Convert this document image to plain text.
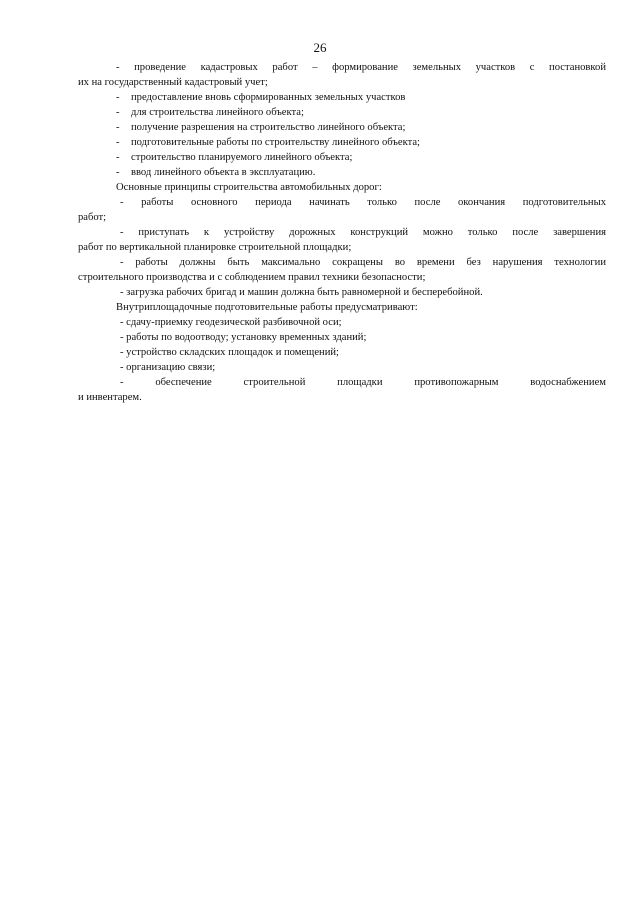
26

- проведение кадастровых работ – формирование земельных участков с постановкой

их на государственный кадастровый учет;

-	предоставление вновь сформированных земельных участков
-	для строительства линейного объекта;
-	получение разрешения на строительство линейного объекта;
-	подготовительные работы по строительству линейного объекта;
-	строительство планируемого линейного объекта;
-	ввод линейного объекта в эксплуатацию.

Основные принципы строительства автомобильных дорог:

- работы основного периода начинать только после окончания подготовительных

работ;

- приступать к устройству дорожных конструкций можно только после завершения

работ по вертикальной планировке строительной площадки;

- работы должны быть максимально сокращены во времени без нарушения технологии

строительного производства и с соблюдением правил техники безопасности;

- загрузка рабочих бригад и машин должна быть равномерной и бесперебойной.

Внутриплощадочные подготовительные работы предусматривают:

- сдачу-приемку геодезической разбивочной оси;

- работы по водоотводу; установку временных зданий;

- устройство складских площадок и помещений;

- организацию связи;

- обеспечение строительной площадки противопожарным водоснабжением

и инвентарем.
